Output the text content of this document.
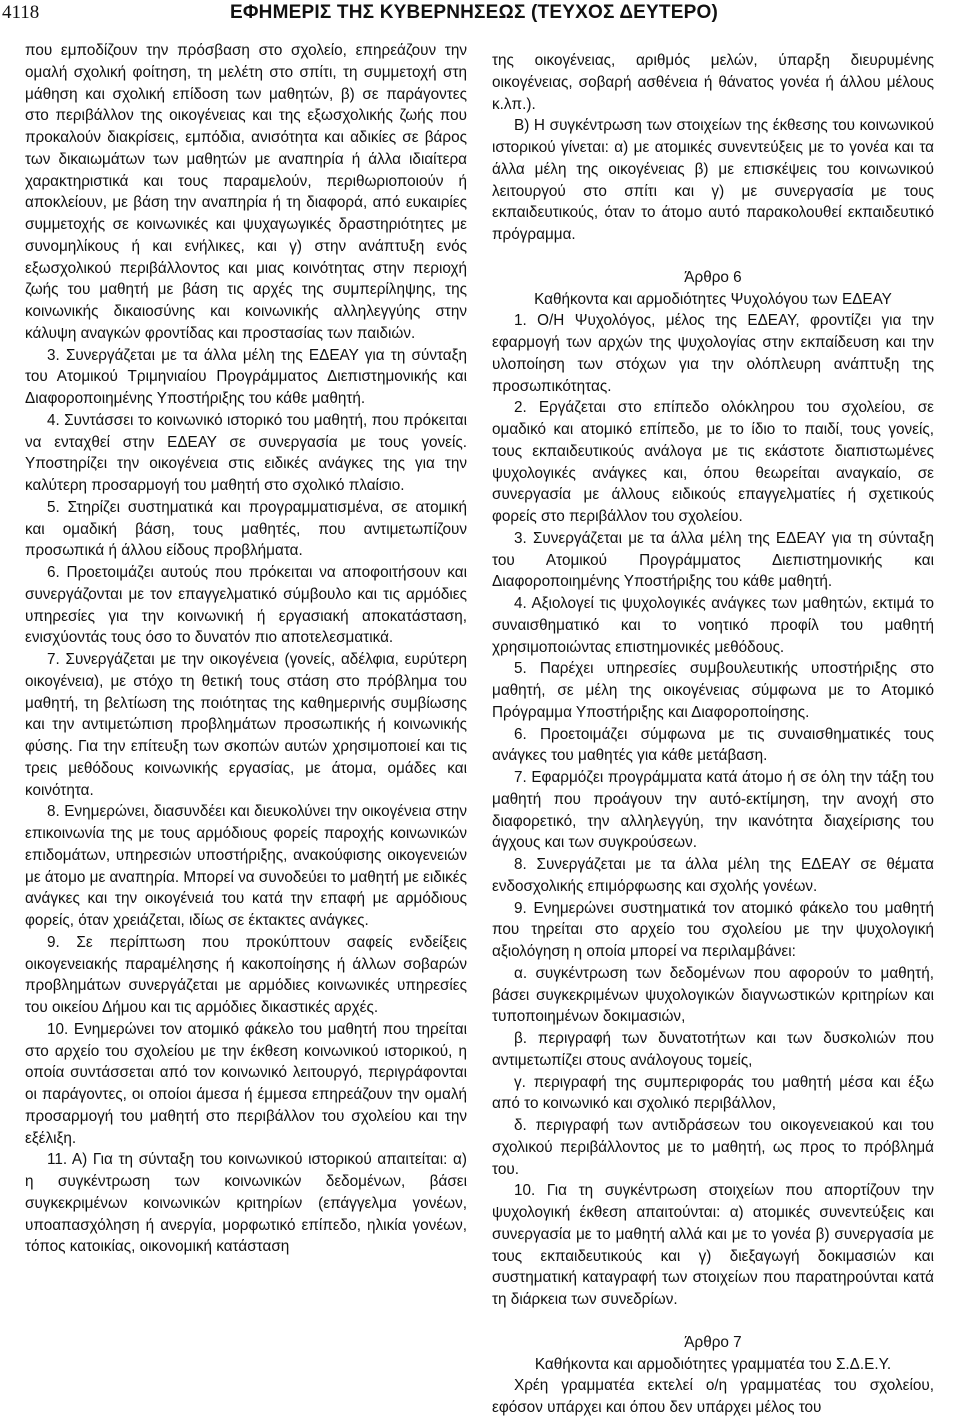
4118	ΕΦΗΜΕΡΙΣ ΤΗΣ ΚΥΒΕΡΝΗΣΕΩΣ (ΤΕΥΧΟΣ ΔΕΥΤΕΡΟ)

που εμποδίζουν την πρόσβαση στο σχολείο, επηρεάζουν την ομαλή σχολική φοίτηση, τη μελέτη στο σπίτι, τη συμμετοχή στη μάθηση και σχολική επίδοση των μαθητών, β) σε παράγοντες στο περιβάλλον της οικογένειας και της εξωσχολικής ζωής που προκαλούν διακρίσεις, εμπόδια, ανισότητα και αδικίες σε βάρος των δικαιωμάτων των μαθητών με αναπηρία ή άλλα ιδιαίτερα χαρακτηριστικά και τους παραμελούν, περιθωριοποιούν ή αποκλείουν, με βάση την αναπηρία ή τη διαφορά, από ευκαιρίες συμμετοχής σε κοινωνικές και ψυχαγωγικές δραστηριότητες με συνομηλίκους ή και ενήλικες, και γ) στην ανάπτυξη ενός εξωσχολικού περιβάλλοντος και μιας κοινότητας στην περιοχή ζωής του μαθητή με βάση τις αρχές της συμπερίληψης, της κοινωνικής δικαιοσύνης και κοινωνικής αλληλεγγύης στην κάλυψη αναγκών φροντίδας και προστασίας των παιδιών.

3. Συνεργάζεται με τα άλλα μέλη της ΕΔΕΑΥ για τη σύνταξη του Ατομικού Τριμηνιαίου Προγράμματος Διεπιστημονικής και Διαφοροποιημένης Υποστήριξης του κάθε μαθητή.

4. Συντάσσει το κοινωνικό ιστορικό του μαθητή, που πρόκειται να ενταχθεί στην ΕΔΕΑΥ σε συνεργασία με τους γονείς. Υποστηρίζει την οικογένεια στις ειδικές ανάγκες της για την καλύτερη προσαρμογή του μαθητή στο σχολικό πλαίσιο.

5. Στηρίζει συστηματικά και προγραμματισμένα, σε ατομική και ομαδική βάση, τους μαθητές, που αντιμετωπίζουν προσωπικά ή άλλου είδους προβλήματα.

6. Προετοιμάζει αυτούς που πρόκειται να αποφοιτήσουν και συνεργάζονται με τον επαγγελματικό σύμβουλο και τις αρμόδιες υπηρεσίες για την κοινωνική ή εργασιακή αποκατάσταση, ενισχύοντάς τους όσο το δυνατόν πιο αποτελεσματικά.

7. Συνεργάζεται με την οικογένεια (γονείς, αδέλφια, ευρύτερη οικογένεια), με στόχο τη θετική τους στάση στο πρόβλημα του μαθητή, τη βελτίωση της ποιότητας της καθημερινής συμβίωσης και την αντιμετώπιση προβλημάτων προσωπικής ή κοινωνικής φύσης. Για την επίτευξη των σκοπών αυτών χρησιμοποιεί και τις τρεις μεθόδους κοινωνικής εργασίας, με άτομα, ομάδες και κοινότητα.

8. Ενημερώνει, διασυνδέει και διευκολύνει την οικογένεια στην επικοινωνία της με τους αρμόδιους φορείς παροχής κοινωνικών επιδομάτων, υπηρεσιών υποστήριξης, ανακούφισης οικογενειών με άτομο με αναπηρία. Μπορεί να συνοδεύει το μαθητή με ειδικές ανάγκες και την οικογένειά του κατά την επαφή με αρμόδιους φορείς, όταν χρειάζεται, ιδίως σε έκτακτες ανάγκες.

9. Σε περίπτωση που προκύπτουν σαφείς ενδείξεις οικογενειακής παραμέλησης ή κακοποίησης ή άλλων σοβαρών προβλημάτων συνεργάζεται με αρμόδιες κοινωνικές υπηρεσίες του οικείου Δήμου και τις αρμόδιες δικαστικές αρχές.

10. Ενημερώνει τον ατομικό φάκελο του μαθητή που τηρείται στο αρχείο του σχολείου με την έκθεση κοινωνικού ιστορικού, η οποία συντάσσεται από τον κοινωνικό λειτουργό, περιγράφονται οι παράγοντες, οι οποίοι άμεσα ή έμμεσα επηρεάζουν την ομαλή προσαρμογή του μαθητή στο περιβάλλον του σχολείου και την εξέλιξη.

11. Α) Για τη σύνταξη του κοινωνικού ιστορικού απαιτείται: α) η συγκέντρωση των κοινωνικών δεδομένων, βάσει συγκεκριμένων κοινωνικών κριτηρίων (επάγγελμα γονέων, υποαπασχόληση ή ανεργία, μορφωτικό επίπεδο, ηλικία γονέων, τόπος κατοικίας, οικονομική κατάσταση

της οικογένειας, αριθμός μελών, ύπαρξη διευρυμένης οικογένειας, σοβαρή ασθένεια ή θάνατος γονέα ή άλλου μέλους κ.λπ.).

Β) Η συγκέντρωση των στοιχείων της έκθεσης του κοινωνικού ιστορικού γίνεται: α) με ατομικές συνεντεύξεις με το γονέα και τα άλλα μέλη της οικογένειας β) με επισκέψεις του κοινωνικού λειτουργού στο σπίτι και γ) με συνεργασία με τους εκπαιδευτικούς, όταν το άτομο αυτό παρακολουθεί εκπαιδευτικό πρόγραμμα.

Άρθρο 6

Καθήκοντα και αρμοδιότητες Ψυχολόγου των ΕΔΕΑΥ

1. Ο/Η Ψυχολόγος, μέλος της ΕΔΕΑΥ, φροντίζει για την εφαρμογή των αρχών της ψυχολογίας στην εκπαίδευση και την υλοποίηση των στόχων για την ολόπλευρη ανάπτυξη της προσωπικότητας.

2. Εργάζεται στο επίπεδο ολόκληρου του σχολείου, σε ομαδικό και ατομικό επίπεδο, με το ίδιο το παιδί, τους γονείς, τους εκπαιδευτικούς ανάλογα με τις εκάστοτε διαπιστωμένες ψυχολογικές ανάγκες και, όπου θεωρείται αναγκαίο, σε συνεργασία με άλλους ειδικούς επαγγελματίες ή σχετικούς φορείς στο περιβάλλον του σχολείου.

3. Συνεργάζεται με τα άλλα μέλη της ΕΔΕΑΥ για τη σύνταξη του Ατομικού Προγράμματος Διεπιστημονικής και Διαφοροποιημένης Υποστήριξης του κάθε μαθητή.

4. Αξιολογεί τις ψυχολογικές ανάγκες των μαθητών, εκτιμά το συναισθηματικό και το νοητικό προφίλ του μαθητή χρησιμοποιώντας επιστημονικές μεθόδους.

5. Παρέχει υπηρεσίες συμβουλευτικής υποστήριξης στο μαθητή, σε μέλη της οικογένειας σύμφωνα με το Ατομικό Πρόγραμμα Υποστήριξης και Διαφοροποίησης.

6. Προετοιμάζει σύμφωνα με τις συναισθηματικές τους ανάγκες του μαθητές για κάθε μετάβαση.

7. Εφαρμόζει προγράμματα κατά άτομο ή σε όλη την τάξη του μαθητή που προάγουν την αυτό-εκτίμηση, την ανοχή στο διαφορετικό, την αλληλεγγύη, την ικανότητα διαχείρισης του άγχους και των συγκρούσεων.

8. Συνεργάζεται με τα άλλα μέλη της ΕΔΕΑΥ σε θέματα ενδοσχολικής επιμόρφωσης και σχολής γονέων.

9. Ενημερώνει συστηματικά τον ατομικό φάκελο του μαθητή που τηρείται στο αρχείο του σχολείου με την ψυχολογική αξιολόγηση η οποία μπορεί να περιλαμβάνει:

α. συγκέντρωση των δεδομένων που αφορούν το μαθητή, βάσει συγκεκριμένων ψυχολογικών διαγνωστικών κριτηρίων και τυποποιημένων δοκιμασιών,

β. περιγραφή των δυνατοτήτων και των δυσκολιών που αντιμετωπίζει στους ανάλογους τομείς,

γ. περιγραφή της συμπεριφοράς του μαθητή μέσα και έξω από το κοινωνικό και σχολικό περιβάλλον,

δ. περιγραφή των αντιδράσεων του οικογενειακού και του σχολικού περιβάλλοντος με το μαθητή, ως προς το πρόβλημά του.

10. Για τη συγκέντρωση στοιχείων που απορτίζουν την ψυχολογική έκθεση απαιτούνται: α) ατομικές συνεντεύξεις και συνεργασία με το μαθητή αλλά και με το γονέα β) συνεργασία με τους εκπαιδευτικούς και γ) διεξαγωγή δοκιμασιών και συστηματική καταγραφή των στοιχείων που παρατηρούνται κατά τη διάρκεια των συνεδρίων.

Άρθρο 7

Καθήκοντα και αρμοδιότητες γραμματέα του Σ.Δ.Ε.Υ.

Χρέη γραμματέα εκτελεί ο/η γραμματέας του σχολείου, εφόσον υπάρχει και όπου δεν υπάρχει μέλος του
